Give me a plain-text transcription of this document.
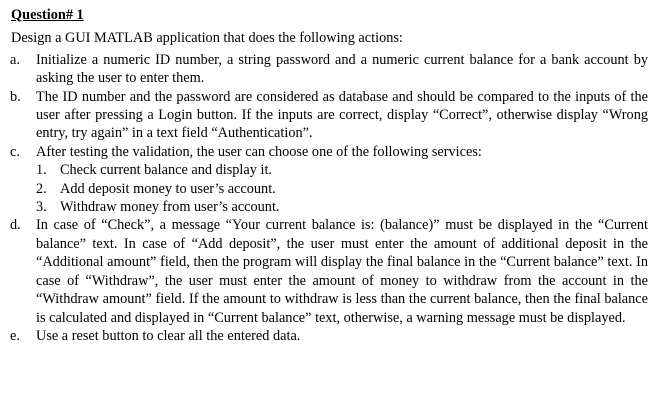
Question# 1
Design a GUI MATLAB application that does the following actions:
a.	Initialize a numeric ID number, a string password and a numeric current balance for a bank account by asking the user to enter them.
b.	The ID number and the password are considered as database and should be compared to the inputs of the user after pressing a Login button. If the inputs are correct, display “Correct”, otherwise display “Wrong entry, try again” in a text field “Authentication”.
c.	After testing the validation, the user can choose one of the following services:
1. Check current balance and display it.
2. Add deposit money to user’s account.
3. Withdraw money from user’s account.
d.	In case of “Check”, a message “Your current balance is: (balance)” must be displayed in the “Current balance” text. In case of “Add deposit”, the user must enter the amount of additional deposit in the “Additional amount” field, then the program will display the final balance in the “Current balance” text. In case of “Withdraw”, the user must enter the amount of money to withdraw from the account in the “Withdraw amount” field. If the amount to withdraw is less than the current balance, then the final balance is calculated and displayed in “Current balance” text, otherwise, a warning message must be displayed.
e.	Use a reset button to clear all the entered data.
